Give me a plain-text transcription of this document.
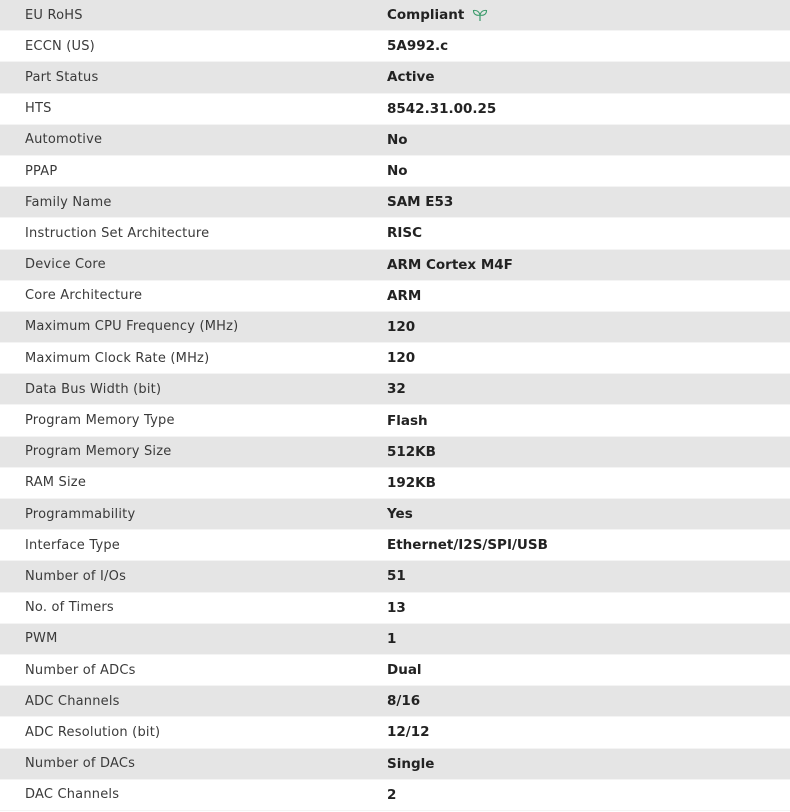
EU RoHS	Compliant
ECCN (US)	5A992.c
Part Status	Active
HTS	8542.31.00.25
Automotive	No
PPAP	No
Family Name	SAM E53
Instruction Set Architecture	RISC
Device Core	ARM Cortex M4F
Core Architecture	ARM
Maximum CPU Frequency (MHz)	120
Maximum Clock Rate (MHz)	120
Data Bus Width (bit)	32
Program Memory Type	Flash
Program Memory Size	512KB
RAM Size	192KB
Programmability	Yes
Interface Type	Ethernet/I2S/SPI/USB
Number of I/Os	51
No. of Timers	13
PWM	1
Number of ADCs	Dual
ADC Channels	8/16
ADC Resolution (bit)	12/12
Number of DACs	Single
DAC Channels	2
